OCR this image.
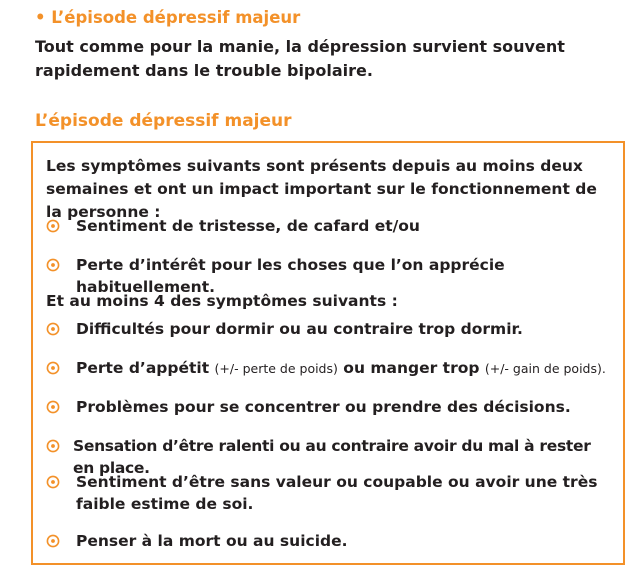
• L’épisode dépressif majeur
Tout comme pour la manie, la dépression survient souvent rapidement dans le trouble bipolaire.
L’épisode dépressif majeur
Les symptômes suivants sont présents depuis au moins deux semaines et ont un impact important sur le fonctionnement de la personne :
Sentiment de tristesse, de cafard et/ou
Perte d’intérêt pour les choses que l’on apprécie habituellement.
Et au moins 4 des symptômes suivants :
Difficultés pour dormir ou au contraire trop dormir.
Perte d’appétit (+/- perte de poids) ou manger trop (+/- gain de poids).
Problèmes pour se concentrer ou prendre des décisions.
Sensation d’être ralenti ou au contraire avoir du mal à rester en place.
Sentiment d’être sans valeur ou coupable ou avoir une très faible estime de soi.
Penser à la mort ou au suicide.
